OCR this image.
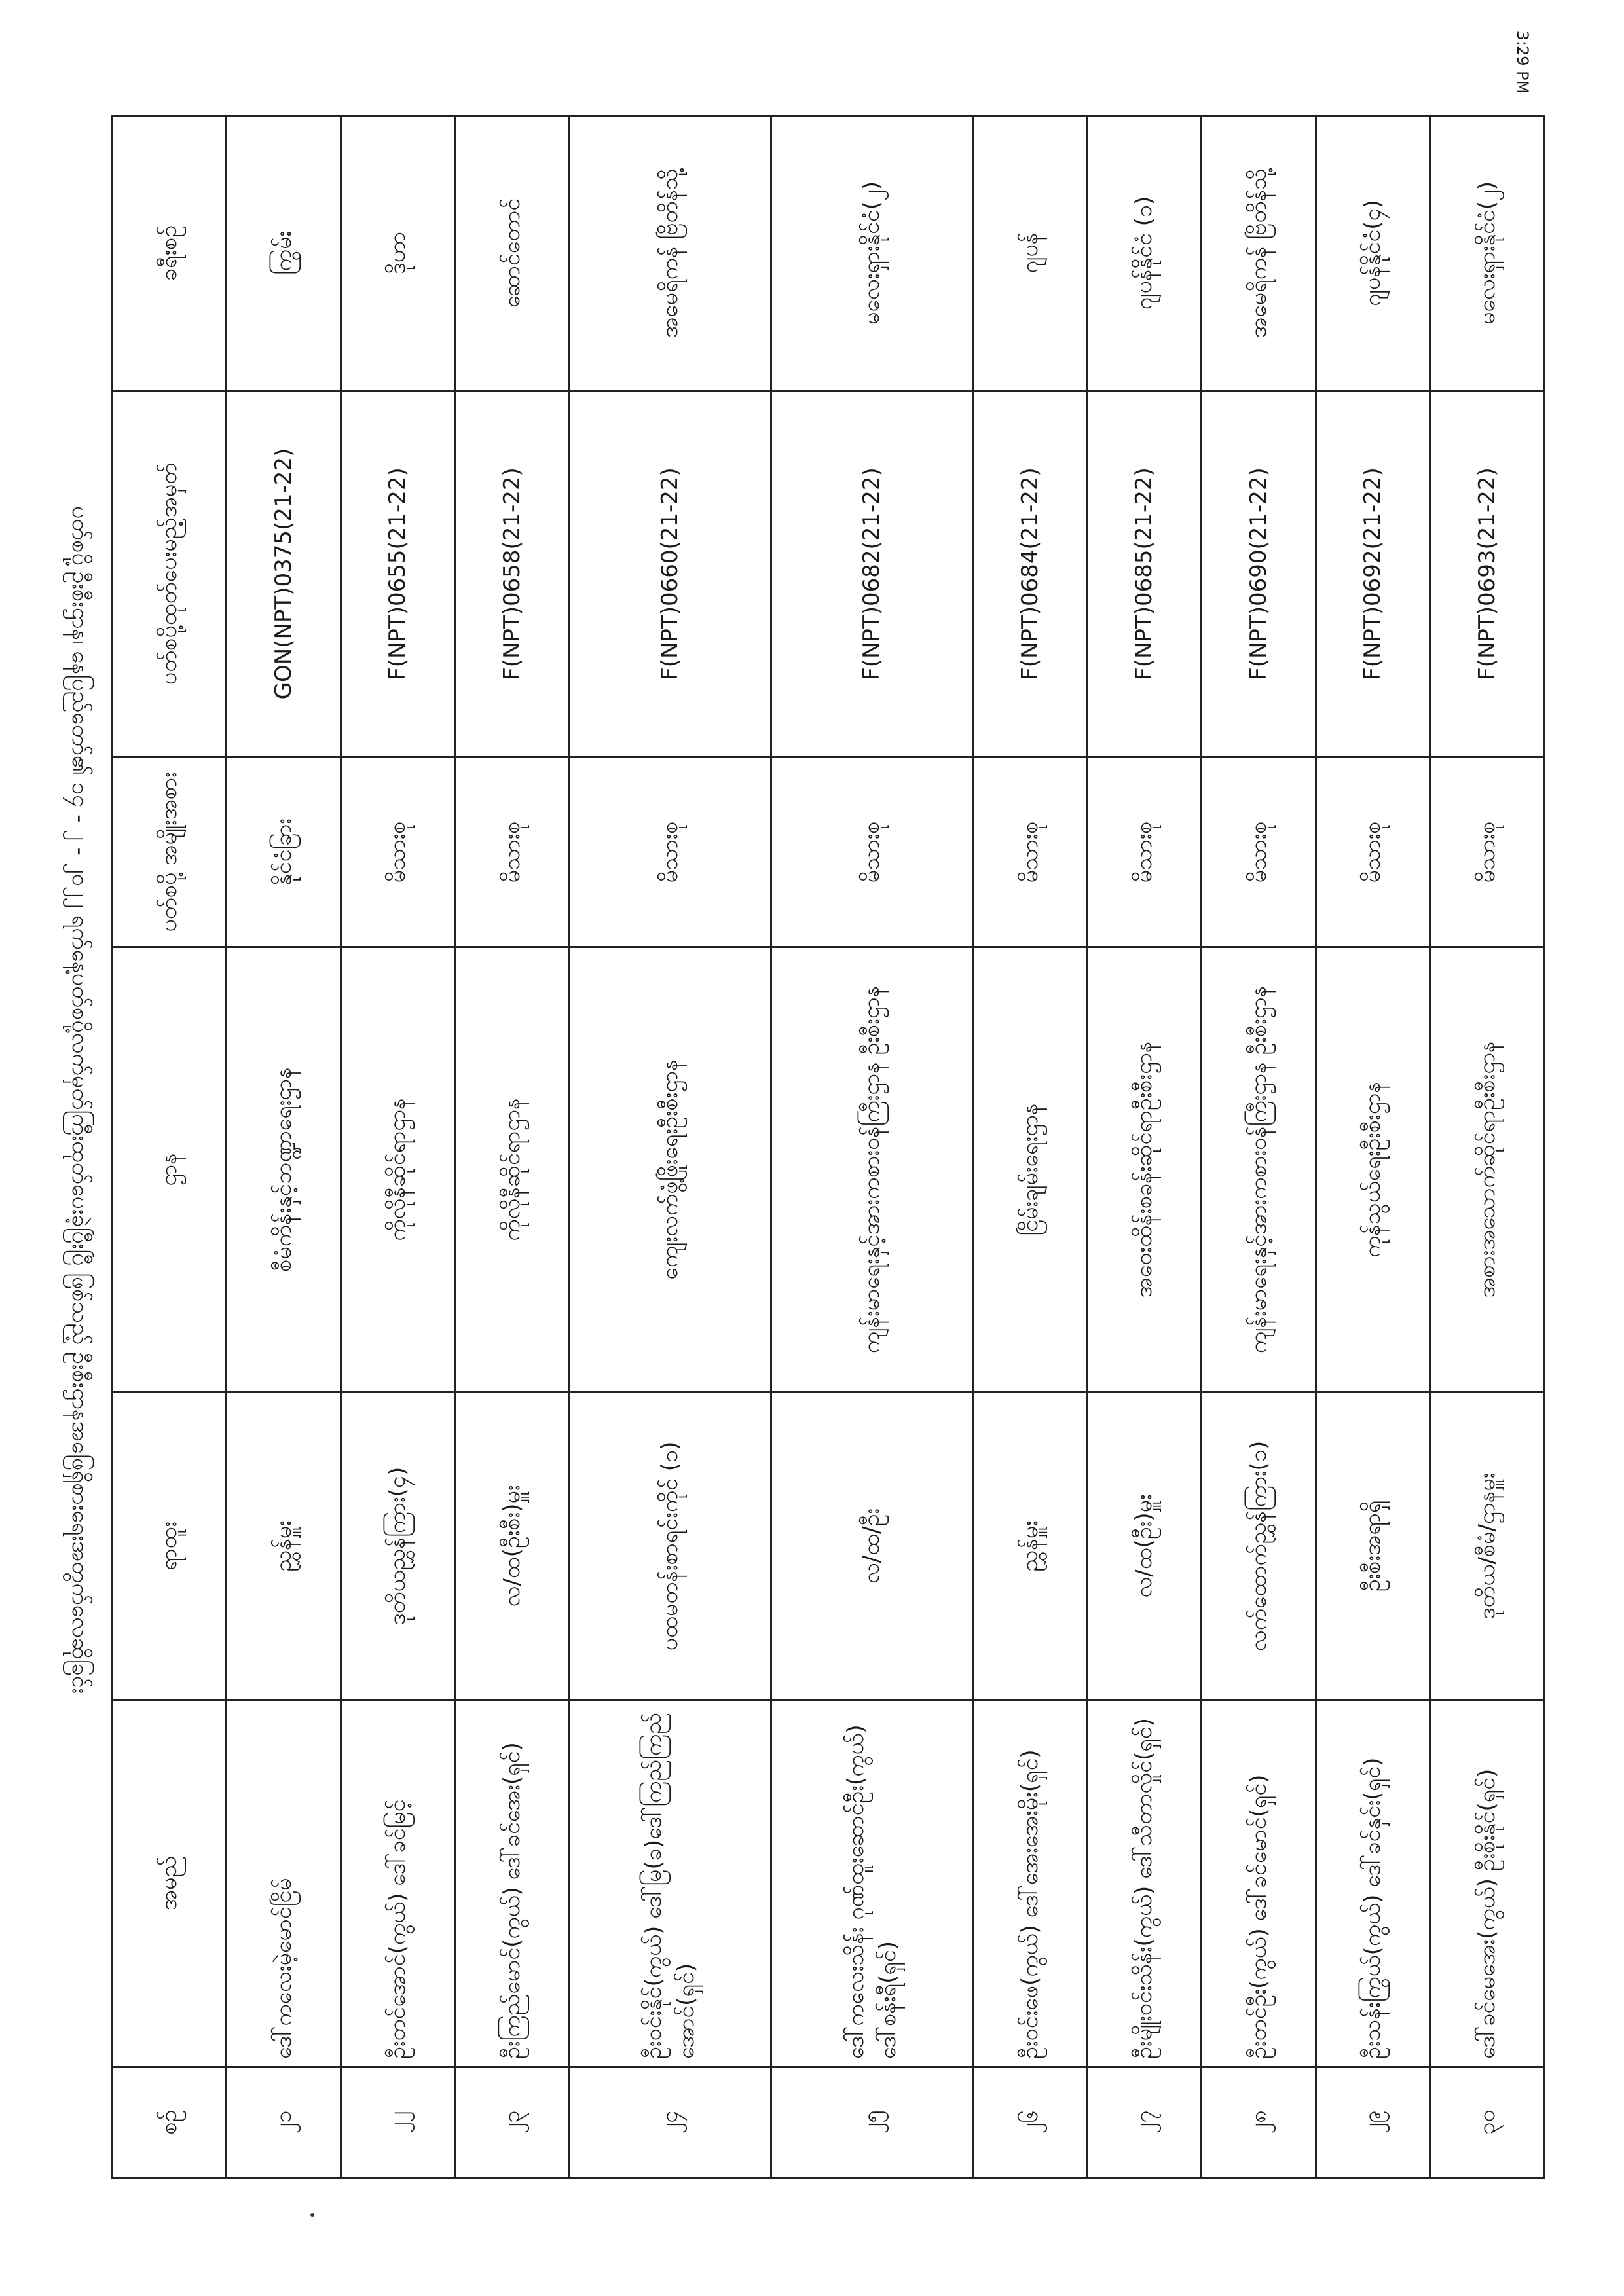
ပတ်စပို့ဦးစီးဌာန၊ နေပြည်တော်၏ ၁၄ - ၂ - ၂၀၂၂ ရက်နေ့ပတ်စပို့လက်မှတ်ကြီးထုတ်ပေးခဲ့ပြီးပြီ ဖြစ်သည့် ဦးစီးဌာနအဖြေရှိစားရေးအတွက်လေဆိုခြင်း
စဉ်	အမည်	ရာထူး	ဌာန	ပတ်စပို့ အမျိုးအစား	ပတ်စပို့ထုတ်ပေးမည့်အမှတ်	ခရီးစဉ်
၂၁	ဒေါ်ကလေးမဲ့မောင်ငြိမ်	ညွှန်မှူး	စီမံကိန်းနှင့်ဘဏ္ဍာရေးဌာန	နိုင်ငံခြား	GON(NPT)0375(21-22)	ကြွမ်း
၂၂	ဦးတင်အောင်(ကွယ်) ဒေါ်ခင်မြင့်	ဒုတိယညွှန်ကြား(၄)	ကိုလိုနီဆိုင်ရာဌာန	မိသားစု	F(NPT)0655(21-22)	ဒိုဟာ
၂၃	ဦးကြည်မောင်(ကွယ်) ဒေါ်ခင်အေး(ရှင်)	လ/ထ(ဦးစီး)မှူး	ကိုလိုနီဆိုင်ရာဌာန	မိသားစု	F(NPT)0658(21-22)	ဆောင်တောင်
၂၄	ဦးဝင်းနိုင်(ကွယ်) ဒေါ်မြ(ခ)ဒေါ်ကြည်ကြည်အောင်(ရှင်)	ပထမတန်းစာရင်းကိုင် (၁)	ကျေးလက်ဖွံ့ဖြိုးရေးဦးစီးဌာန	မိသားစု	F(NPT)0660(21-22)	အမေရိကန် ဗြိတိန်သို့
၂၅	ဒေါ်ကလေးသိန်း ဂုဏ်ထူးဆောင်ဦး(ကွယ်) ဒေါ်စန်းရီ(ရှင်)	လ/ထ/ဦး	ကျန်းမာရေးနှင့်အားကစားဝန်ကြီးဌာန ဦးစီးဌာန	မိသားစု	F(NPT)0682(21-22)	မလေးရှားနိုင်ငံ(၂)
၂၆	ဦးဝင်းဖေ(ကွယ်) ဒေါ်အေးအေးမိုး(ရှင်)	ညွှန်မှူး	ငြိမ်းချမ်းရေးဌာန	မိသားစု	F(NPT)0684(21-22)	ဂျပန်
၂၇	ဦးမျိုးဝင်းသိန်း(ကွယ်) ဒေါ်သီတာလှိုင်(ရှင်)	လ/ထ(ဦး)မှူး	အဝေးထိန်းစခန်းဆိုင်ရာဦးစီးဌာန	မိသားစု	F(NPT)0685(21-22)	ဂျပန်နိုင်ငံ (၁)
၂၈	ဦးတင်ဦး(ကွယ်) ဒေါ်ခင်မောင်(ရှင်)	လက်ထောက်ညွှန်ကြား(၁)	ကျန်းမာရေးနှင့်အားကစားဝန်ကြီးဌာန ဦးစီးဌာန	မိသားစု	F(NPT)0690(21-22)	အမေရိကန် ဗြိတိန်သို့
၂၉	ဦးသန်းကြွယ်(ကွယ်) ဒေါ်ခင်နှင်း(ရှင်)	ဦးစီးအရာရှိ	ကုန်သွယ်ရေးဦးစီးဌာန	မိသားစု	F(NPT)0692(21-22)	ဂျပန်နိုင်ငံ(၄)
၃၀	ဒေါ်ခင်မေအေး(ကွယ်) ဦးစိုးနိုင်(ရှင်)	ဒုတိယ/စီမံ/ဌာနမှူး	အစားအသောက်ဆိုင်ရာဦးစီးဌာန	မိသားစု	F(NPT)0693(21-22)	မလေးရှားနိုင်ငံ(၂)
3:29 PM
